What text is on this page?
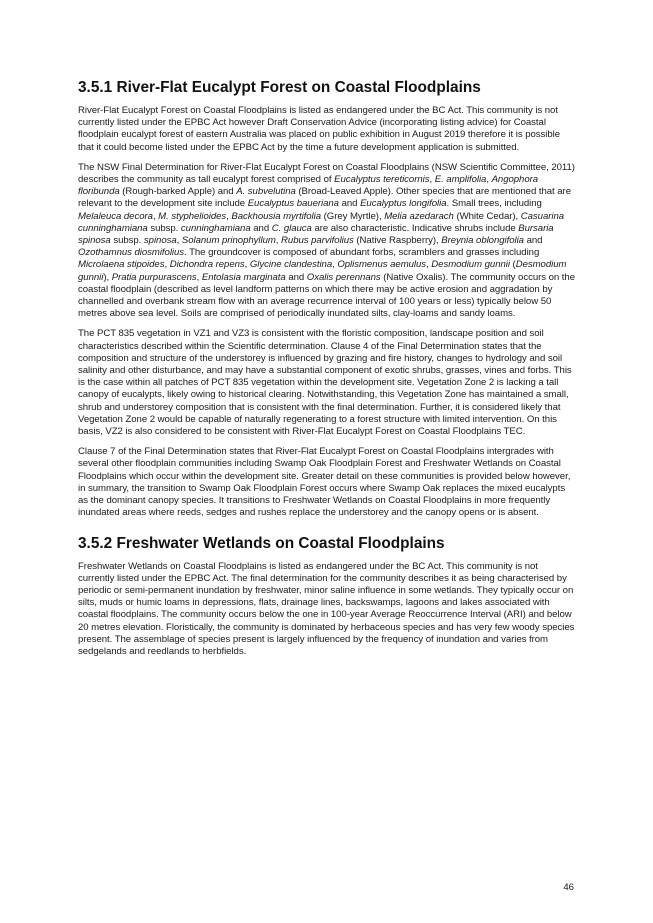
3.5.1 River-Flat Eucalypt Forest on Coastal Floodplains

River-Flat Eucalypt Forest on Coastal Floodplains is listed as endangered under the BC Act. This community is not currently listed under the EPBC Act however Draft Conservation Advice (incorporating listing advice) for Coastal floodplain eucalypt forest of eastern Australia was placed on public exhibition in August 2019 therefore it is possible that it could become listed under the EPBC Act by the time a future development application is submitted.

The NSW Final Determination for River-Flat Eucalypt Forest on Coastal Floodplains (NSW Scientific Committee, 2011) describes the community as tall eucalypt forest comprised of Eucalyptus tereticornis, E. amplifolia, Angophora floribunda (Rough-barked Apple) and A. subvelutina (Broad-Leaved Apple). Other species that are mentioned that are relevant to the development site include Eucalyptus baueriana and Eucalyptus longifolia. Small trees, including Melaleuca decora, M. styphelioides, Backhousia myrtifolia (Grey Myrtle), Melia azedarach (White Cedar), Casuarina cunninghamiana subsp. cunninghamiana and C. glauca are also characteristic. Indicative shrubs include Bursaria spinosa subsp. spinosa, Solanum prinophyllum, Rubus parvifolius (Native Raspberry), Breynia oblongifolia and Ozothamnus diosmifolius. The groundcover is composed of abundant forbs, scramblers and grasses including Microlaena stipoides, Dichondra repens, Glycine clandestina, Oplismenus aemulus, Desmodium gunnii (Desmodium gunnii), Pratia purpurascens, Entolasia marginata and Oxalis perennans (Native Oxalis). The community occurs on the coastal floodplain (described as level landform patterns on which there may be active erosion and aggradation by channelled and overbank stream flow with an average recurrence interval of 100 years or less) typically below 50 metres above sea level. Soils are comprised of periodically inundated silts, clay-loams and sandy loams.

The PCT 835 vegetation in VZ1 and VZ3 is consistent with the floristic composition, landscape position and soil characteristics described within the Scientific determination. Clause 4 of the Final Determination states that the composition and structure of the understorey is influenced by grazing and fire history, changes to hydrology and soil salinity and other disturbance, and may have a substantial component of exotic shrubs, grasses, vines and forbs. This is the case within all patches of PCT 835 vegetation within the development site. Vegetation Zone 2 is lacking a tall canopy of eucalypts, likely owing to historical clearing. Notwithstanding, this Vegetation Zone has maintained a small, shrub and understorey composition that is consistent with the final determination. Further, it is considered likely that Vegetation Zone 2 would be capable of naturally regenerating to a forest structure with limited intervention. On this basis, VZ2 is also considered to be consistent with River-Flat Eucalypt Forest on Coastal Floodplains TEC.

Clause 7 of the Final Determination states that River-Flat Eucalypt Forest on Coastal Floodplains intergrades with several other floodplain communities including Swamp Oak Floodplain Forest and Freshwater Wetlands on Coastal Floodplains which occur within the development site. Greater detail on these communities is provided below however, in summary, the transition to Swamp Oak Floodplain Forest occurs where Swamp Oak replaces the mixed eucalypts as the dominant canopy species. It transitions to Freshwater Wetlands on Coastal Floodplains in more frequently inundated areas where reeds, sedges and rushes replace the understorey and the canopy opens or is absent.

3.5.2 Freshwater Wetlands on Coastal Floodplains

Freshwater Wetlands on Coastal Floodplains is listed as endangered under the BC Act. This community is not currently listed under the EPBC Act. The final determination for the community describes it as being characterised by periodic or semi-permanent inundation by freshwater, minor saline influence in some wetlands. They typically occur on silts, muds or humic loams in depressions, flats, drainage lines, backswamps, lagoons and lakes associated with coastal floodplains. The community occurs below the one in 100-year Average Reoccurrence Interval (ARI) and below 20 metres elevation. Floristically, the community is dominated by herbaceous species and has very few woody species present. The assemblage of species present is largely influenced by the frequency of inundation and varies from sedgelands and reedlands to herbfields.

46
